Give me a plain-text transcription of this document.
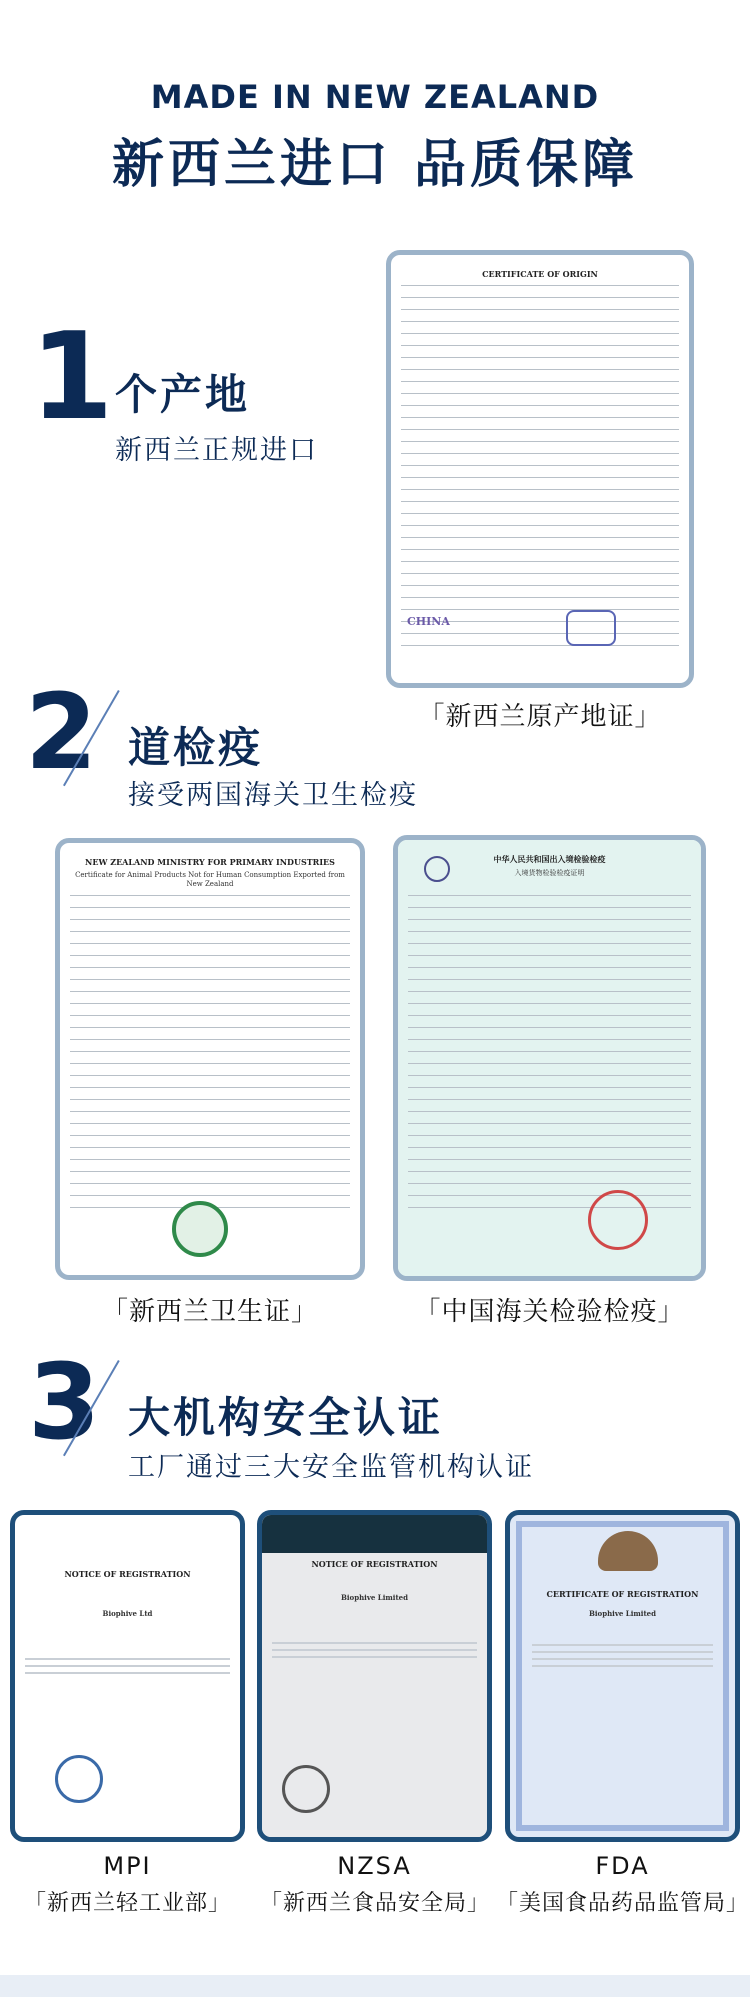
MADE IN NEW ZEALAND
新西兰进口 品质保障
1 个产地
新西兰正规进口
CERTIFICATE OF ORIGIN
CHINA
「新西兰原产地证」
2 道检疫
接受两国海关卫生检疫
NEW ZEALAND MINISTRY FOR PRIMARY INDUSTRIES
Certificate for Animal Products Not for Human Consumption Exported from New Zealand
「新西兰卫生证」
中华人民共和国出入境检验检疫
入境货物检验检疫证明
「中国海关检验检疫」
3 大机构安全认证
工厂通过三大安全监管机构认证
NOTICE OF REGISTRATION
Biophive Ltd
MPI
「新西兰轻工业部」
NOTICE OF REGISTRATION
Biophive Limited
NZSA
「新西兰食品安全局」
CERTIFICATE OF REGISTRATION
Biophive Limited
FDA
「美国食品药品监管局」
